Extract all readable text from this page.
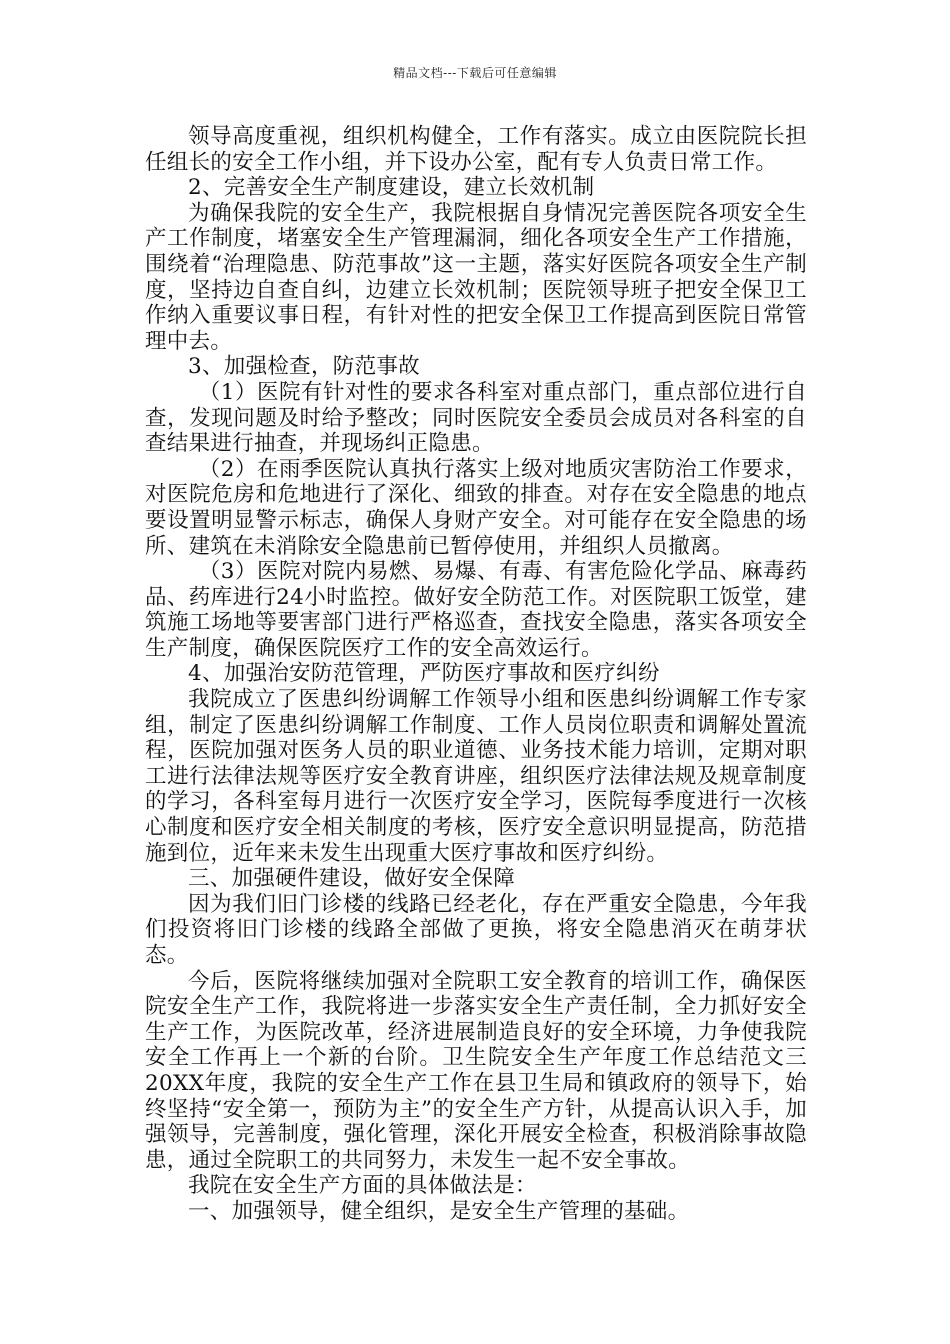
精品文档---下载后可任意编辑

领导高度重视，组织机构健全，工作有落实。成立由医院院长担任组长的安全工作小组，并下设办公室，配有专人负责日常工作。

2、完善安全生产制度建设，建立长效机制

为确保我院的安全生产，我院根据自身情况完善医院各项安全生产工作制度，堵塞安全生产管理漏洞，细化各项安全生产工作措施，围绕着“治理隐患、防范事故”这一主题，落实好医院各项安全生产制度，坚持边自查自纠，边建立长效机制；医院领导班子把安全保卫工作纳入重要议事日程，有针对性的把安全保卫工作提高到医院日常管理中去。

3、加强检查，防范事故

（1）医院有针对性的要求各科室对重点部门，重点部位进行自查，发现问题及时给予整改；同时医院安全委员会成员对各科室的自查结果进行抽查，并现场纠正隐患。

（2）在雨季医院认真执行落实上级对地质灾害防治工作要求，对医院危房和危地进行了深化、细致的排查。对存在安全隐患的地点要设置明显警示标志，确保人身财产安全。对可能存在安全隐患的场所、建筑在未消除安全隐患前已暂停使用，并组织人员撤离。

（3）医院对院内易燃、易爆、有毒、有害危险化学品、麻毒药品、药库进行24小时监控。做好安全防范工作。对医院职工饭堂，建筑施工场地等要害部门进行严格巡查，查找安全隐患，落实各项安全生产制度，确保医院医疗工作的安全高效运行。

4、加强治安防范管理，严防医疗事故和医疗纠纷

我院成立了医患纠纷调解工作领导小组和医患纠纷调解工作专家组，制定了医患纠纷调解工作制度、工作人员岗位职责和调解处置流程，医院加强对医务人员的职业道德、业务技术能力培训，定期对职工进行法律法规等医疗安全教育讲座，组织医疗法律法规及规章制度的学习，各科室每月进行一次医疗安全学习，医院每季度进行一次核心制度和医疗安全相关制度的考核，医疗安全意识明显提高，防范措施到位，近年来未发生出现重大医疗事故和医疗纠纷。

三、加强硬件建设，做好安全保障

因为我们旧门诊楼的线路已经老化，存在严重安全隐患，今年我们投资将旧门诊楼的线路全部做了更换，将安全隐患消灭在萌芽状态。

今后，医院将继续加强对全院职工安全教育的培训工作，确保医院安全生产工作，我院将进一步落实安全生产责任制，全力抓好安全生产工作，为医院改革，经济进展制造良好的安全环境，力争使我院安全工作再上一个新的台阶。卫生院安全生产年度工作总结范文三20XX年度，我院的安全生产工作在县卫生局和镇政府的领导下，始终坚持“安全第一，预防为主”的安全生产方针，从提高认识入手，加强领导，完善制度，强化管理，深化开展安全检查，积极消除事故隐患，通过全院职工的共同努力，未发生一起不安全事故。

我院在安全生产方面的具体做法是：

一、加强领导，健全组织，是安全生产管理的基础。
